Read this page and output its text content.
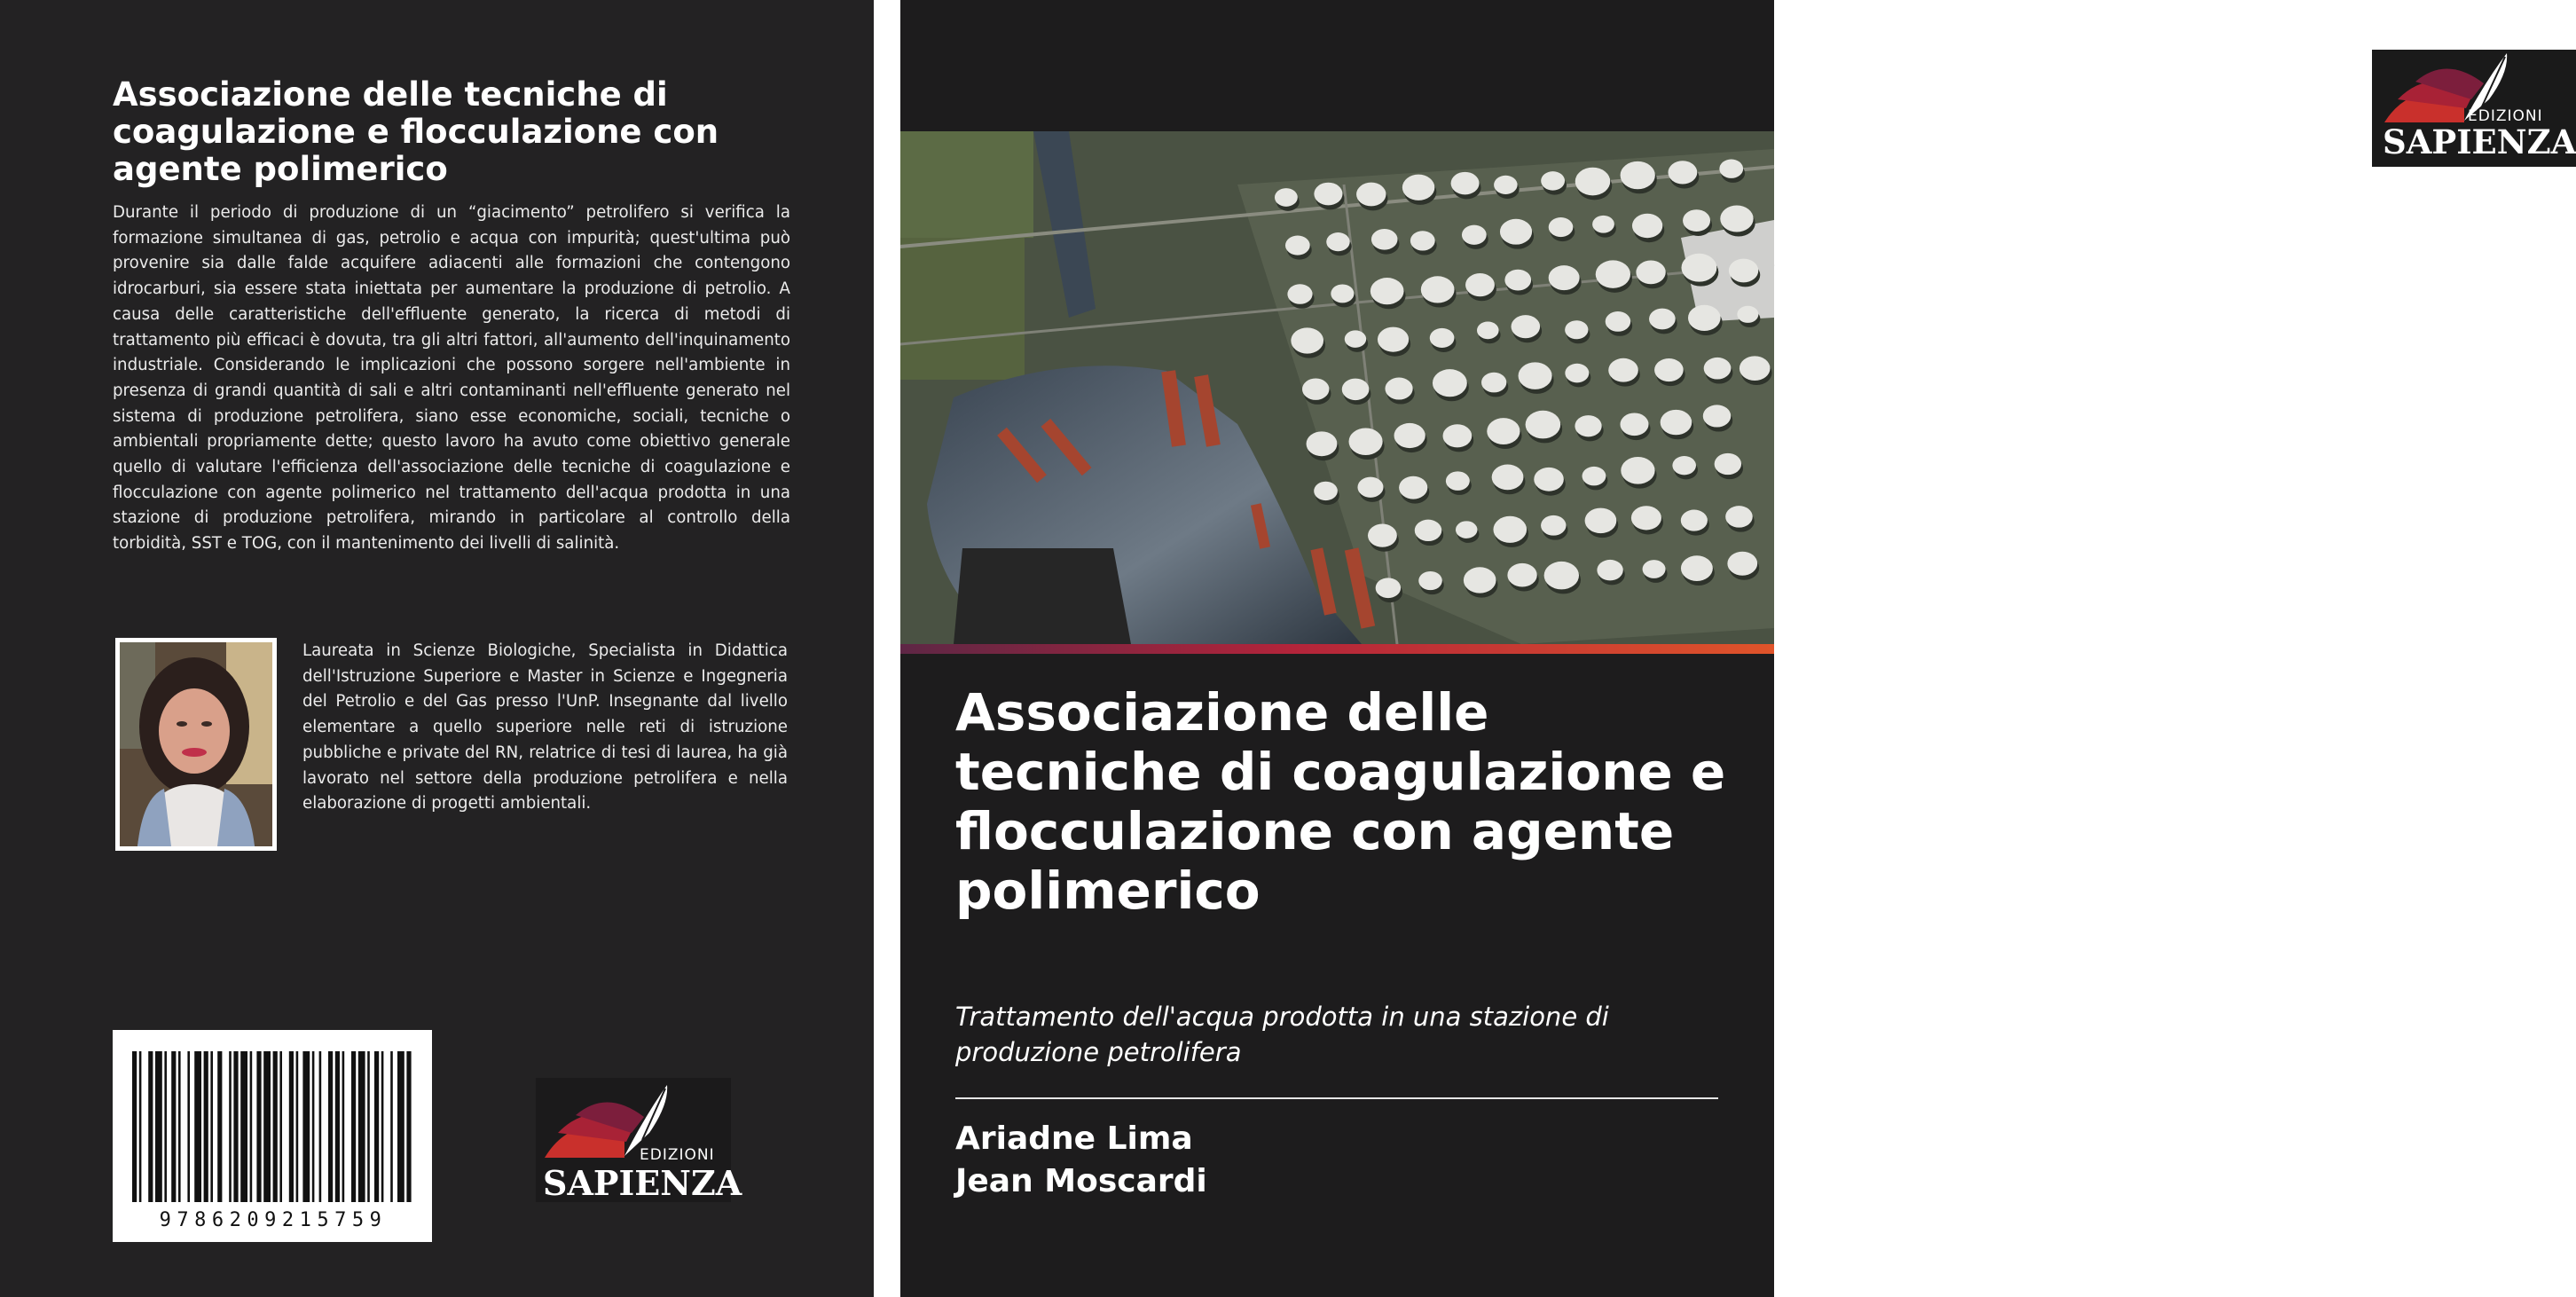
Associazione delle tecniche di coagulazione e flocculazione con agente polimerico

Durante il periodo di produzione di un “giacimento” petrolifero si verifica la formazione simultanea di gas, petrolio e acqua con impurità; quest'ultima può provenire sia dalle falde acquifere adiacenti alle formazioni che contengono idrocarburi, sia essere stata iniettata per aumentare la produzione di petrolio. A causa delle caratteristiche dell'effluente generato, la ricerca di metodi di trattamento più efficaci è dovuta, tra gli altri fattori, all'aumento dell'inquinamento industriale. Considerando le implicazioni che possono sorgere nell'ambiente in presenza di grandi quantità di sali e altri contaminanti nell'effluente generato nel sistema di produzione petrolifera, siano esse economiche, sociali, tecniche o ambientali propriamente dette; questo lavoro ha avuto come obiettivo generale quello di valutare l'efficienza dell'associazione delle tecniche di coagulazione e flocculazione con agente polimerico nel trattamento dell'acqua prodotta in una stazione di produzione petrolifera, mirando in particolare al controllo della torbidità, SST e TOG, con il mantenimento dei livelli di salinità.

Laureata in Scienze Biologiche, Specialista in Didattica dell'Istruzione Superiore e Master in Scienze e Ingegneria del Petrolio e del Gas presso l'UnP. Insegnante dal livello elementare a quello superiore nelle reti di istruzione pubbliche e private del RN, relatrice di tesi di laurea, ha già lavorato nel settore della produzione petrolifera e nella elaborazione di progetti ambientali.

9786209215759
EDIZIONI
SAPIENZA
EDIZIONI
SAPIENZA
Associazione delle tecniche di coagulazione e flocculazione con agente polimerico

Trattamento dell'acqua prodotta in una stazione di produzione petrolifera

Ariadne Lima
Jean Moscardi
